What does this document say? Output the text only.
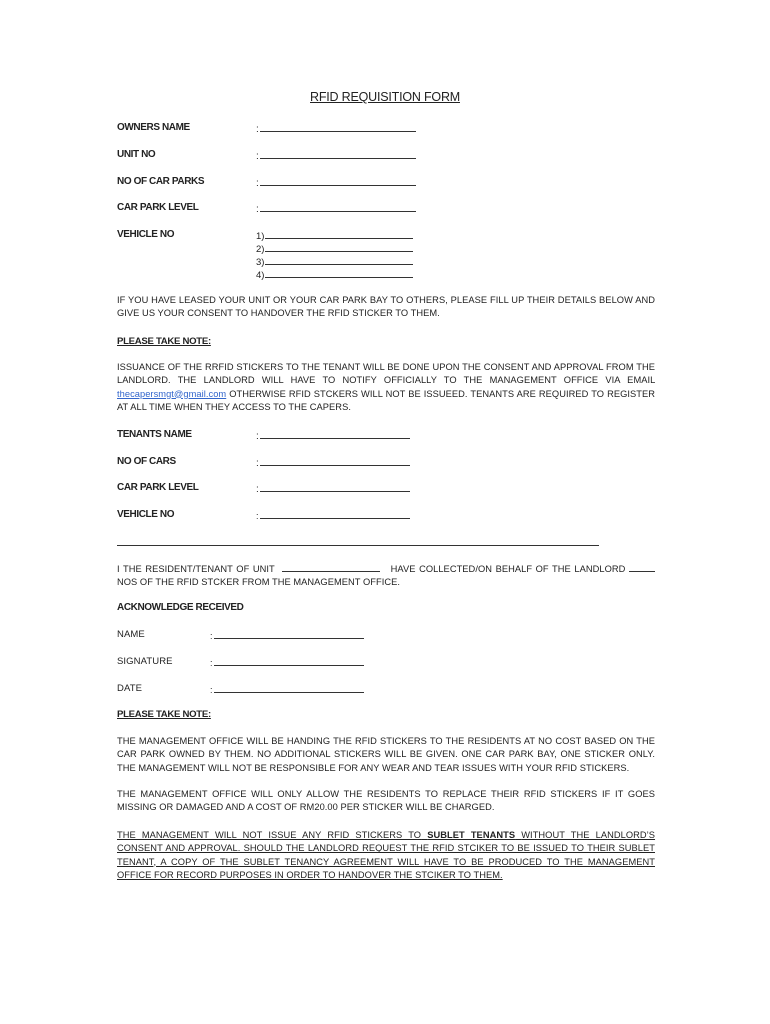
RFID REQUISITION FORM
OWNERS NAME	:
UNIT NO	:
NO OF CAR PARKS	:
CAR PARK LEVEL	:
VEHICLE NO	1)
2)
3)
4)
IF YOU HAVE LEASED YOUR UNIT OR YOUR CAR PARK BAY TO OTHERS, PLEASE FILL UP THEIR DETAILS BELOW AND GIVE US YOUR CONSENT TO HANDOVER THE RFID STICKER TO THEM.
PLEASE TAKE NOTE:
ISSUANCE OF THE RRFID STICKERS TO THE TENANT WILL BE DONE UPON THE CONSENT AND APPROVAL FROM THE LANDLORD. THE LANDLORD WILL HAVE TO NOTIFY OFFICIALLY TO THE MANAGEMENT OFFICE VIA EMAIL thecapersmgt@gmail.com OTHERWISE RFID STCKERS WILL NOT BE ISSUEED. TENANTS ARE REQUIRED TO REGISTER AT ALL TIME WHEN THEY ACCESS TO THE CAPERS.
TENANTS NAME	:
NO OF CARS	:
CAR PARK LEVEL	:
VEHICLE NO	:
I THE RESIDENT/TENANT OF UNIT	HAVE COLLECTED/ON BEHALF OF THE LANDLORD NOS OF THE RFID STCKER FROM THE MANAGEMENT OFFICE.
ACKNOWLEDGE RECEIVED
NAME	:
SIGNATURE	:
DATE	:
PLEASE TAKE NOTE:
THE MANAGEMENT OFFICE WILL BE HANDING THE RFID STICKERS TO THE RESIDENTS AT NO COST BASED ON THE CAR PARK OWNED BY THEM. NO ADDITIONAL STICKERS WILL BE GIVEN. ONE CAR PARK BAY, ONE STICKER ONLY. THE MANAGEMENT WILL NOT BE RESPONSIBLE FOR ANY WEAR AND TEAR ISSUES WITH YOUR RFID STICKERS.
THE MANAGEMENT OFFICE WILL ONLY ALLOW THE RESIDENTS TO REPLACE THEIR RFID STICKERS IF IT GOES MISSING OR DAMAGED AND A COST OF RM20.00 PER STICKER WILL BE CHARGED.
THE MANAGEMENT WILL NOT ISSUE ANY RFID STICKERS TO SUBLET TENANTS WITHOUT THE LANDLORD’S CONSENT AND APPROVAL. SHOULD THE LANDLORD REQUEST THE RFID STCIKER TO BE ISSUED TO THEIR SUBLET TENANT, A COPY OF THE SUBLET TENANCY AGREEMENT WILL HAVE TO BE PRODUCED TO THE MANAGEMENT OFFICE FOR RECORD PURPOSES IN ORDER TO HANDOVER THE STCIKER TO THEM.
